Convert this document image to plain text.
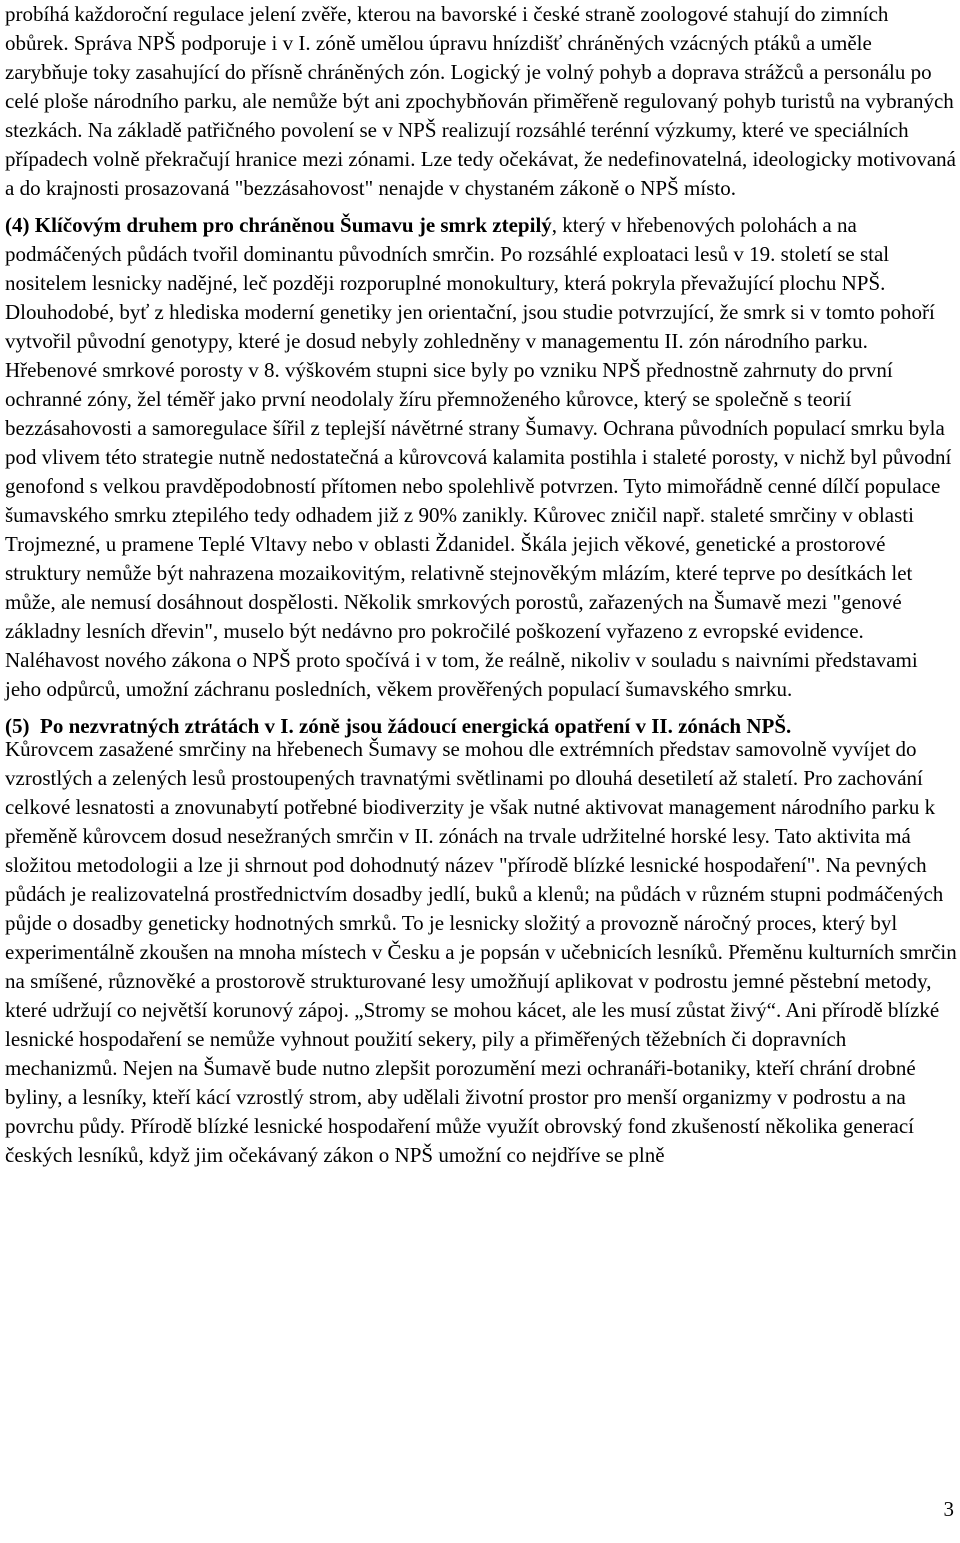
probíhá každoroční regulace jelení zvěře, kterou na bavorské i české straně zoologové stahují do zimních obůrek. Správa NPŠ podporuje i v I. zóně umělou úpravu hnízdišť chráněných vzácných ptáků a uměle zarybňuje toky zasahující do přísně chráněných zón. Logický je volný pohyb a doprava strážců a personálu po celé ploše národního parku, ale nemůže být ani zpochybňován přiměřeně regulovaný pohyb turistů na vybraných stezkách. Na základě patřičného povolení se v NPŠ realizují rozsáhlé terénní výzkumy, které ve speciálních případech volně překračují hranice mezi zónami. Lze tedy očekávat, že nedefinovatelná, ideologicky motivovaná a do krajnosti prosazovaná "bezzásahovost" nenajde v chystaném zákoně o NPŠ místo.

(4) Klíčovým druhem pro chráněnou Šumavu je smrk ztepilý, který v hřebenových polohách a na podmáčených půdách tvořil dominantu původních smrčin. Po rozsáhlé exploataci lesů v 19. století se stal nositelem lesnicky nadějné, leč později rozporuplné monokultury, která pokryla převažující plochu NPŠ. Dlouhodobé, byť z hlediska moderní genetiky jen orientační, jsou studie potvrzující, že smrk si v tomto pohoří vytvořil původní genotypy, které je dosud nebyly zohledněny v managementu II. zón národního parku. Hřebenové smrkové porosty v 8. výškovém stupni sice byly po vzniku NPŠ přednostně zahrnuty do první ochranné zóny, žel téměř jako první neodolaly žíru přemnoženého kůrovce, který se společně s teorií bezzásahovosti a samoregulace šířil z teplejší návětrné strany Šumavy. Ochrana původních populací smrku byla pod vlivem této strategie nutně nedostatečná a kůrovcová kalamita postihla i staleté porosty, v nichž byl původní genofond s velkou pravděpodobností přítomen nebo spolehlivě potvrzen. Tyto mimořádně cenné dílčí populace šumavského smrku ztepilého tedy odhadem již z 90% zanikly. Kůrovec zničil např. staleté smrčiny v oblasti Trojmezné, u pramene Teplé Vltavy nebo v oblasti Ždanidel. Škála jejich věkové, genetické a prostorové struktury nemůže být nahrazena mozaikovitým, relativně stejnověkým mlázím, které teprve po desítkách let může, ale nemusí dosáhnout dospělosti. Několik smrkových porostů, zařazených na Šumavě mezi "genové základny lesních dřevin", muselo být nedávno pro pokročilé poškození vyřazeno z evropské evidence. Naléhavost nového zákona o NPŠ proto spočívá i v tom, že reálně, nikoliv v souladu s naivními představami jeho odpůrců, umožní záchranu posledních, věkem prověřených populací šumavského smrku.

(5) Po nezvratných ztrátách v I. zóně jsou žádoucí energická opatření v II. zónách NPŠ.

Kůrovcem zasažené smrčiny na hřebenech Šumavy se mohou dle extrémních představ samovolně vyvíjet do vzrostlých a zelených lesů prostoupených travnatými světlinami po dlouhá desetiletí až staletí. Pro zachování celkové lesnatosti a znovunabytí potřebné biodiverzity je však nutné aktivovat management národního parku k přeměně kůrovcem dosud nesežraných smrčin v II. zónách na trvale udržitelné horské lesy. Tato aktivita má složitou metodologii a lze ji shrnout pod dohodnutý název "přírodě blízké lesnické hospodaření". Na pevných půdách je realizovatelná prostřednictvím dosadby jedlí, buků a klenů; na půdách v různém stupni podmáčených půjde o dosadby geneticky hodnotných smrků. To je lesnicky složitý a provozně náročný proces, který byl experimentálně zkoušen na mnoha místech v Česku a je popsán v učebnicích lesníků. Přeměnu kulturních smrčin na smíšené, různověké a prostorově strukturované lesy umožňují aplikovat v podrostu jemné pěstební metody, které udržují co největší korunový zápoj. „Stromy se mohou kácet, ale les musí zůstat živý“. Ani přírodě blízké lesnické hospodaření se nemůže vyhnout použití sekery, pily a přiměřených těžebních či dopravních mechanizmů. Nejen na Šumavě bude nutno zlepšit porozumění mezi ochranáři-botaniky, kteří chrání drobné byliny, a lesníky, kteří kácí vzrostlý strom, aby udělali životní prostor pro menší organizmy v podrostu a na povrchu půdy. Přírodě blízké lesnické hospodaření může využít obrovský fond zkušeností několika generací českých lesníků, když jim očekávaný zákon o NPŠ umožní co nejdříve se plně

3
